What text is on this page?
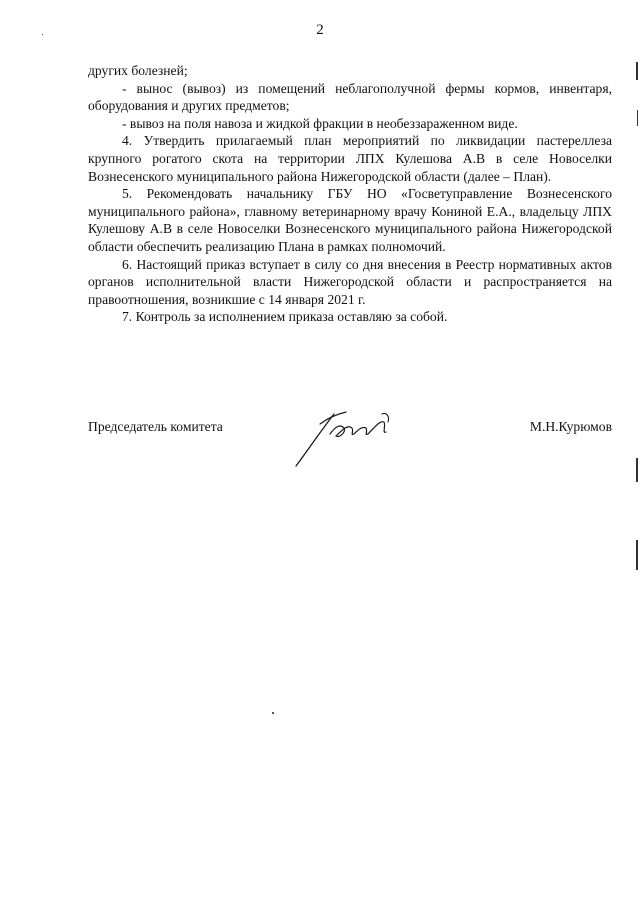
2

других болезней;

- вынос (вывоз) из помещений неблагополучной фермы кормов, инвентаря, оборудования и других предметов;

- вывоз на поля навоза и жидкой фракции в необеззараженном виде.

4. Утвердить прилагаемый план мероприятий по ликвидации пастереллеза крупного рогатого скота на территории ЛПХ Кулешова А.В в селе Новоселки Вознесенского муниципального района Нижегородской области (далее – План).

5. Рекомендовать начальнику ГБУ НО «Госветуправление Вознесенского муниципального района», главному ветеринарному врачу Кониной Е.А., владельцу ЛПХ Кулешову А.В в селе Новоселки Вознесенского муниципального района Нижегородской области обеспечить реализацию Плана в рамках полномочий.

6. Настоящий приказ вступает в силу со дня внесения в Реестр нормативных актов органов исполнительной власти Нижегородской области и распространяется на правоотношения, возникшие с 14 января 2021 г.

7. Контроль за исполнением приказа оставляю за собой.

Председатель комитета	М.Н.Курюмов
